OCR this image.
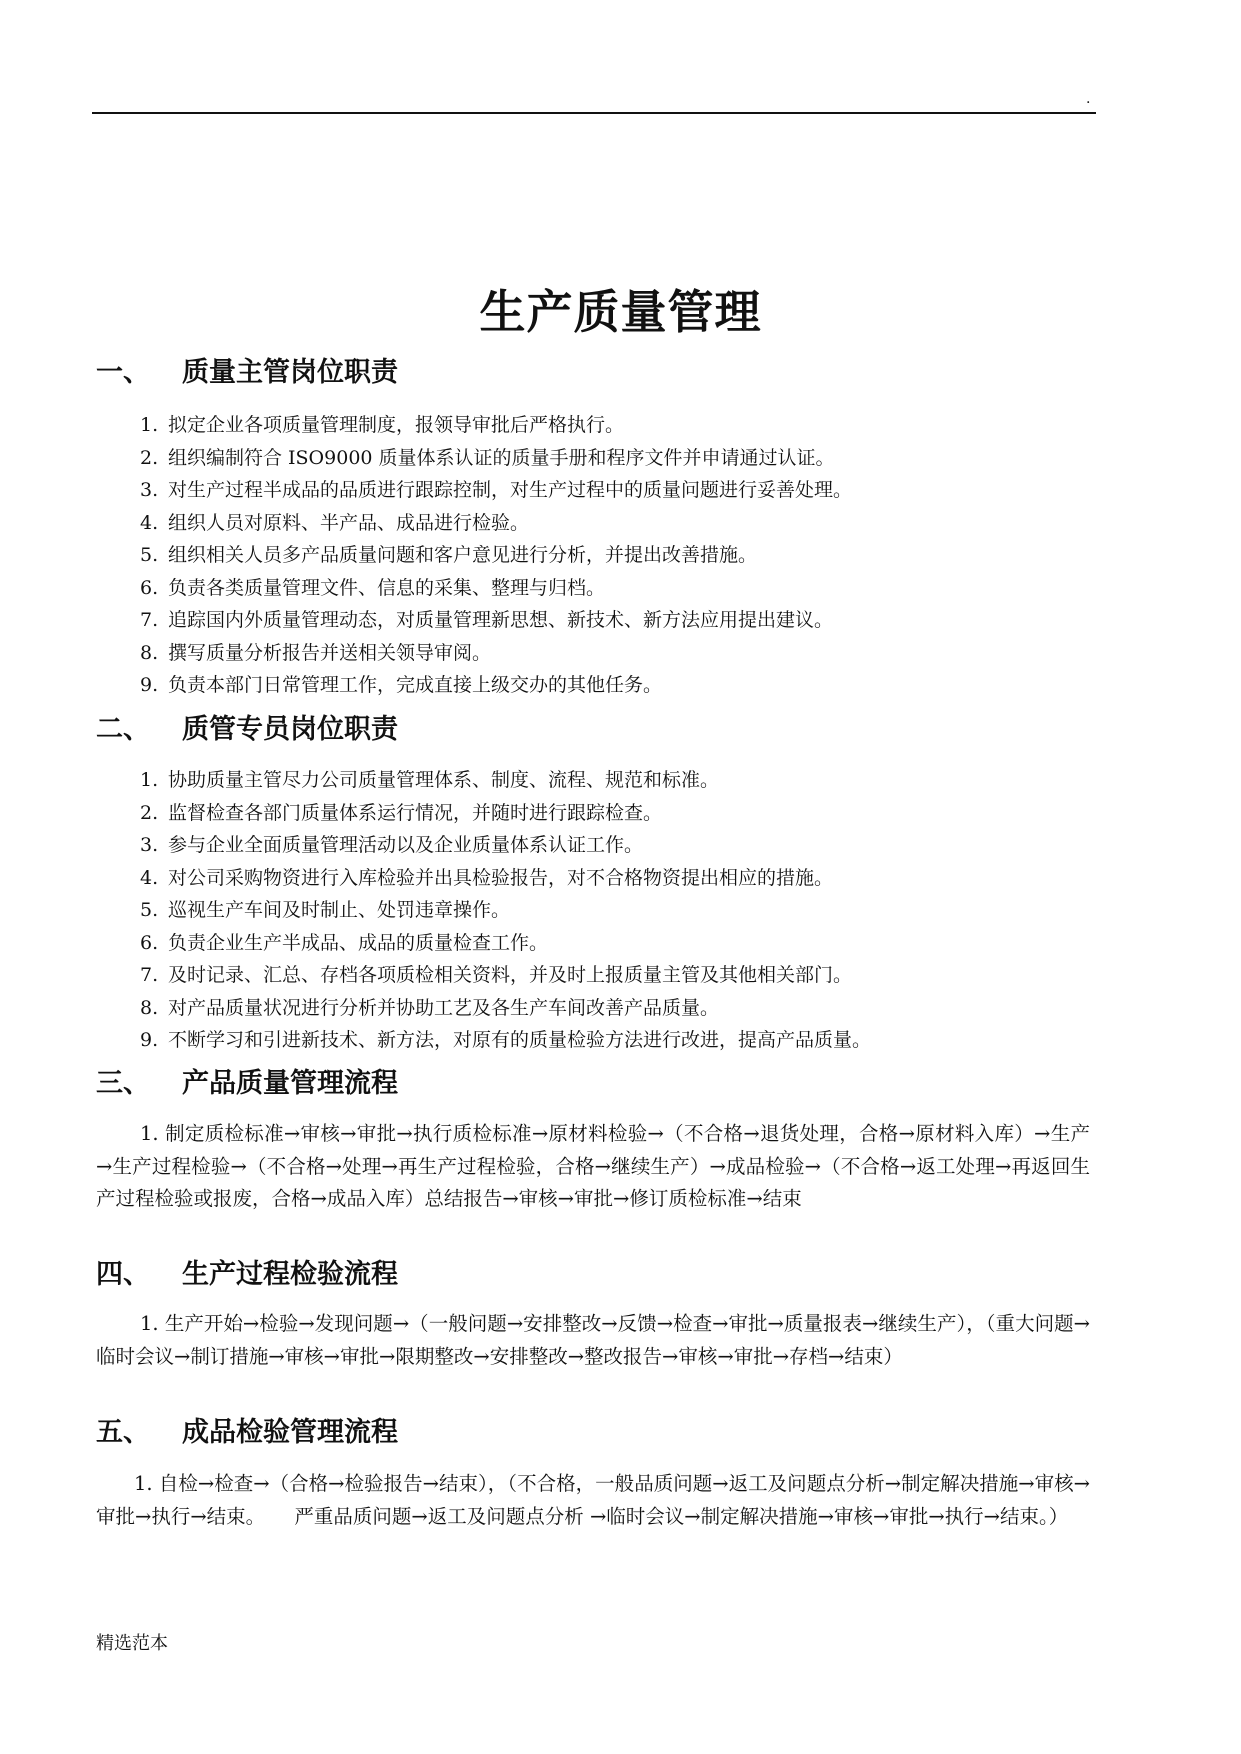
.
生产质量管理
一、 质量主管岗位职责
1. 拟定企业各项质量管理制度，报领导审批后严格执行。
2. 组织编制符合 ISO9000 质量体系认证的质量手册和程序文件并申请通过认证。
3. 对生产过程半成品的品质进行跟踪控制，对生产过程中的质量问题进行妥善处理。
4. 组织人员对原料、半产品、成品进行检验。
5. 组织相关人员多产品质量问题和客户意见进行分析，并提出改善措施。
6. 负责各类质量管理文件、信息的采集、整理与归档。
7. 追踪国内外质量管理动态，对质量管理新思想、新技术、新方法应用提出建议。
8. 撰写质量分析报告并送相关领导审阅。
9. 负责本部门日常管理工作，完成直接上级交办的其他任务。
二、 质管专员岗位职责
1. 协助质量主管尽力公司质量管理体系、制度、流程、规范和标准。
2. 监督检查各部门质量体系运行情况，并随时进行跟踪检查。
3. 参与企业全面质量管理活动以及企业质量体系认证工作。
4. 对公司采购物资进行入库检验并出具检验报告，对不合格物资提出相应的措施。
5. 巡视生产车间及时制止、处罚违章操作。
6. 负责企业生产半成品、成品的质量检查工作。
7. 及时记录、汇总、存档各项质检相关资料，并及时上报质量主管及其他相关部门。
8. 对产品质量状况进行分析并协助工艺及各生产车间改善产品质量。
9. 不断学习和引进新技术、新方法，对原有的质量检验方法进行改进，提高产品质量。
三、 产品质量管理流程
1. 制定质检标准→审核→审批→执行质检标准→原材料检验→（不合格→退货处理，合格→原材料入库）→生产→生产过程检验→（不合格→处理→再生产过程检验，合格→继续生产）→成品检验→（不合格→返工处理→再返回生产过程检验或报废，合格→成品入库）总结报告→审核→审批→修订质检标准→结束
四、 生产过程检验流程
1. 生产开始→检验→发现问题→（一般问题→安排整改→反馈→检查→审批→质量报表→继续生产），（重大问题→临时会议→制订措施→审核→审批→限期整改→安排整改→整改报告→审核→审批→存档→结束）
五、 成品检验管理流程
1. 自检→检查→（合格→检验报告→结束），（不合格，一般品质问题→返工及问题点分析→制定解决措施→审核→审批→执行→结束。　　严重品质问题→返工及问题点分析 →临时会议→制定解决措施→审核→审批→执行→结束。）
精选范本
